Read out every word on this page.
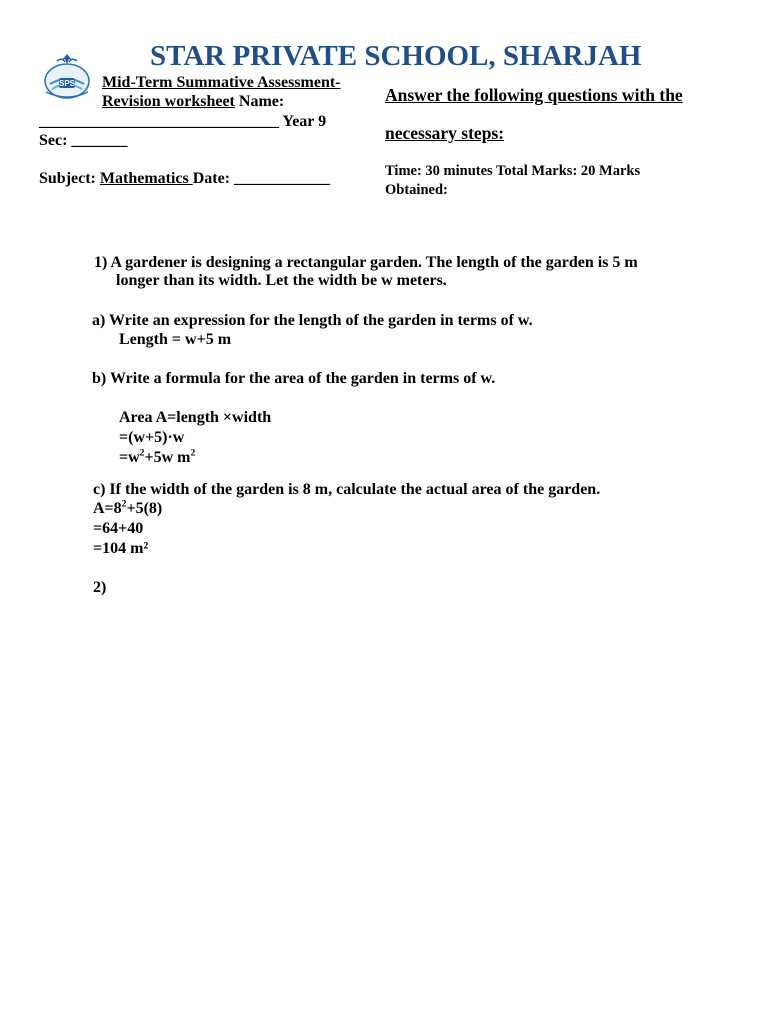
STAR PRIVATE SCHOOL, SHARJAH
SPS	Mid-Term Summative Assessment-
Revision worksheet Name:
______________________________ Year 9
Sec: _______
Subject: Mathematics Date: ____________
Answer the following questions with the
necessary steps:
Time: 30 minutes Total Marks: 20 Marks
Obtained:
1) A gardener is designing a rectangular garden. The length of the garden is 5 m
longer than its width. Let the width be w meters.
a) Write an expression for the length of the garden in terms of w.
Length = w+5 m
b) Write a formula for the area of the garden in terms of w.
Area A=length ×width
=(w+5)·w
$=w^2+5w$ $m^2$
c) If the width of the garden is 8 m, calculate the actual area of the garden.
$A=8^2+5(8)$
=64+40
=104 m²
2)
